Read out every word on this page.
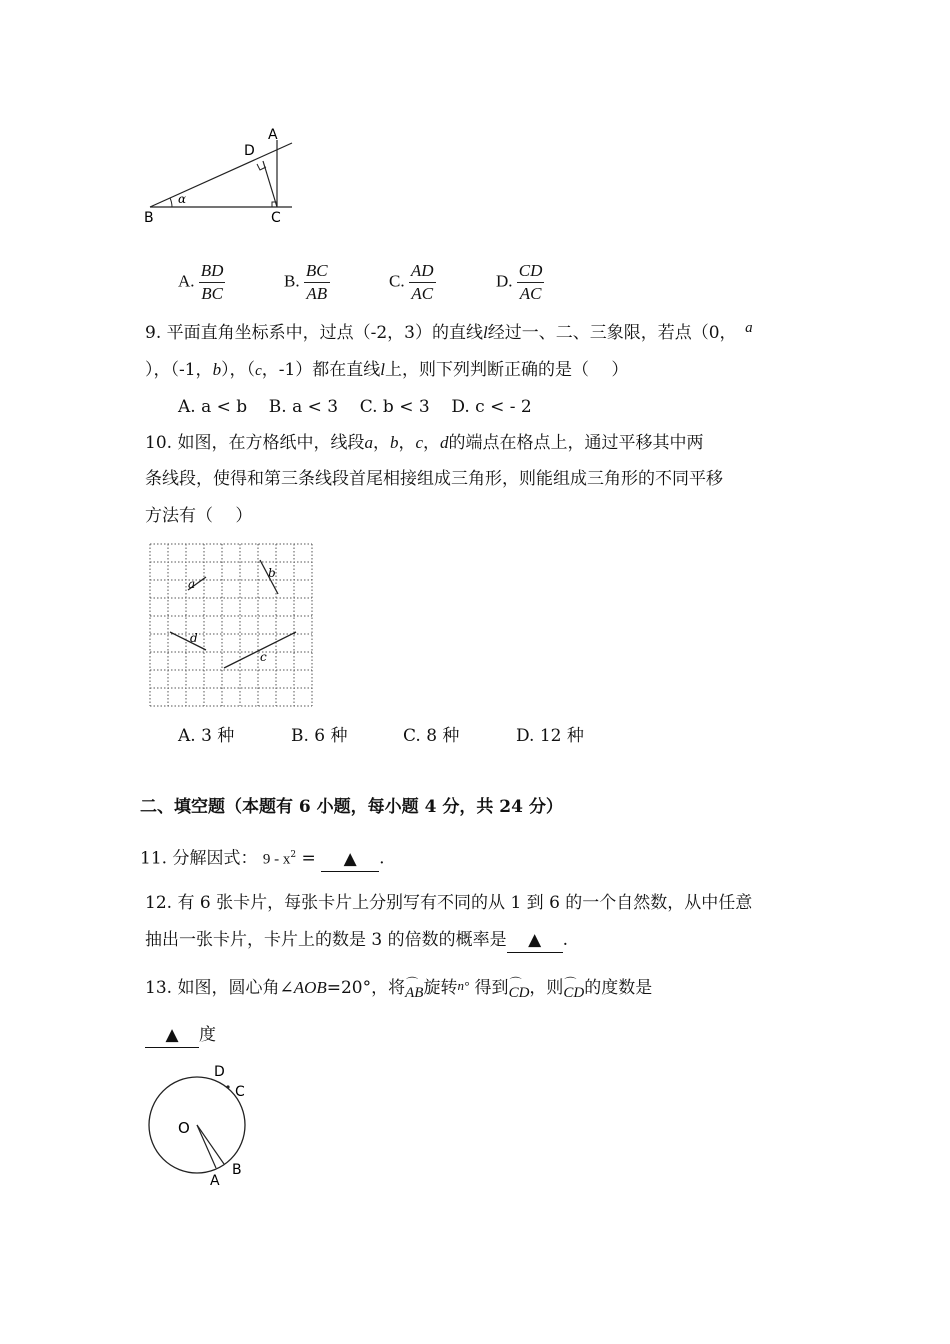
A
D
B	C
α
A. $\frac{BD}{BC}$	B. $\frac{BC}{AB}$	C. $\frac{AD}{AC}$	D. $\frac{CD}{AC}$
9. 平面直角坐标系中，过点（-2，3）的直线l经过一、二、三象限，若点（0，　 a
），（-1，b），（c，-1）都在直线l上，则下列判断正确的是（　 ）
A. a < b B. a < 3 C. b < 3 D. c < - 2
10. 如图，在方格纸中，线段a，b，c，d的端点在格点上，通过平移其中两
条线段，使得和第三条线段首尾相接组成三角形，则能组成三角形的不同平移
方法有（　 ）
a
b
c
d
A. 3 种	B. 6 种	C. 8 种	D. 12 种
二、填空题（本题有 6 小题，每小题 4 分，共 24 分）
11. 分解因式： $9 - x^2$ = ▲ .
12. 有 6 张卡片，每张卡片上分别写有不同的从 1 到 6 的一个自然数，从中任意
抽出一张卡片，卡片上的数是 3 的倍数的概率是 ▲ .
13. 如图，圆心角∠AOB=20°，将⌒ AB旋转n° 得到⌒ CD，则⌒ CD的度数是
▲ 度
O
A
B
C
D
